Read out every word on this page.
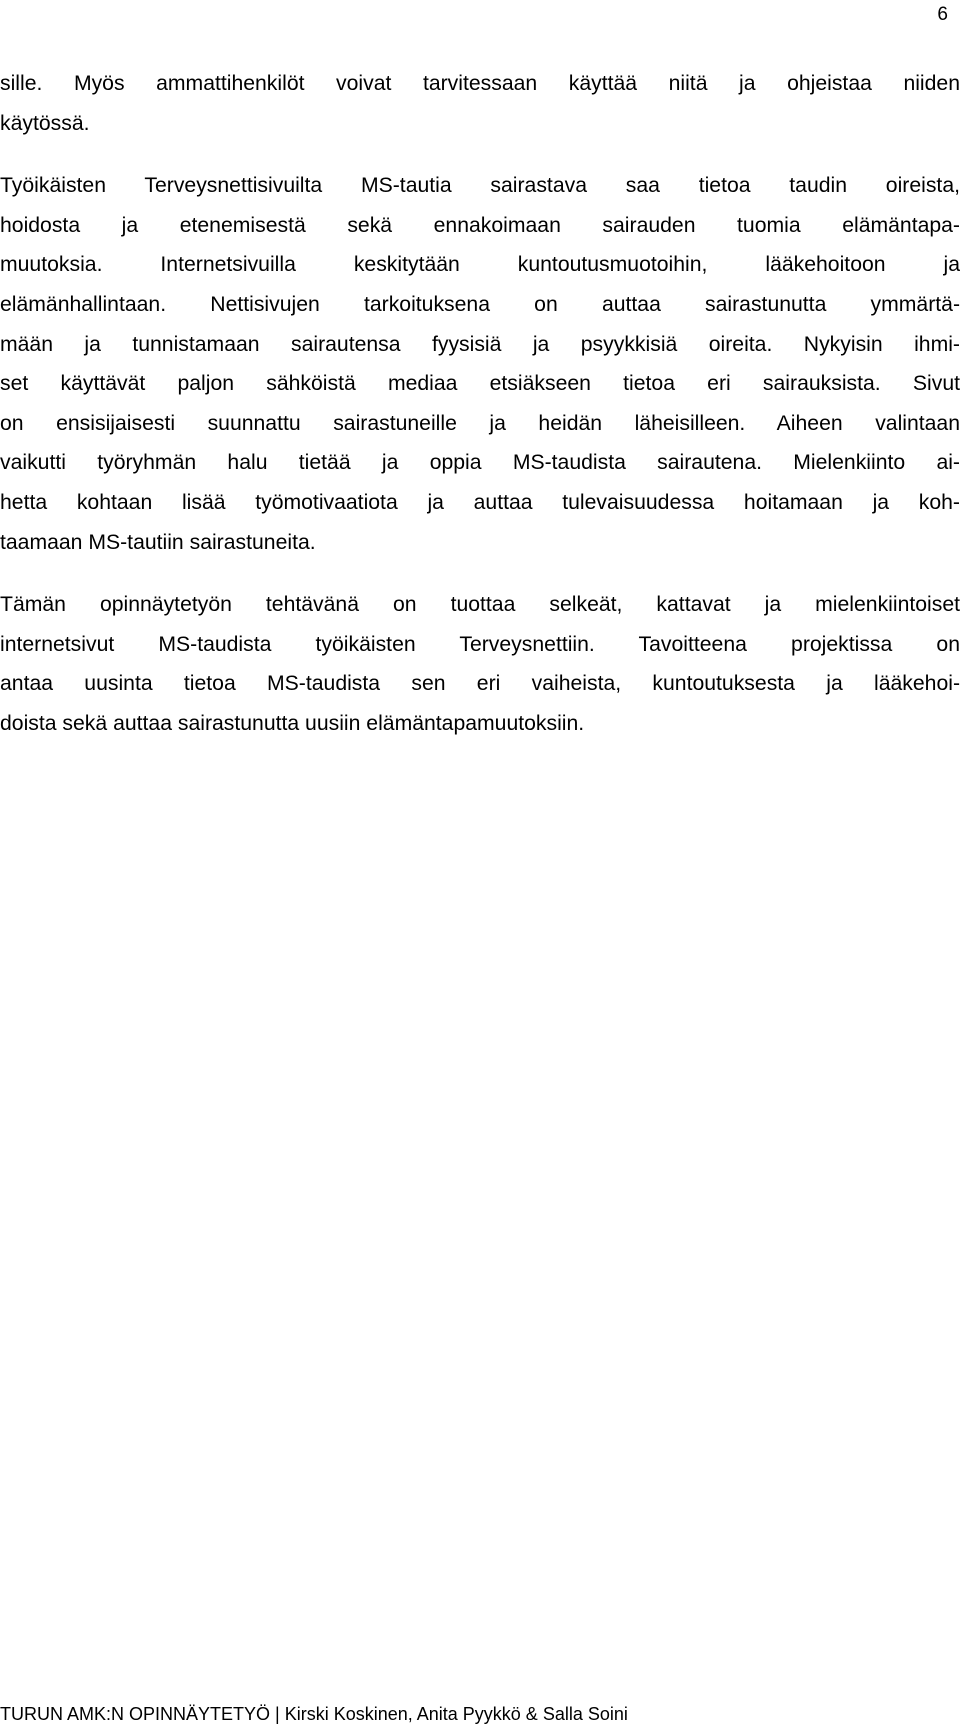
6
sille. Myös ammattihenkilöt voivat tarvitessaan käyttää niitä ja ohjeistaa niiden
käytössä.
Työikäisten Terveysnettisivuilta MS-tautia sairastava saa tietoa taudin oireista,
hoidosta ja etenemisestä sekä ennakoimaan sairauden tuomia elämäntapa-
muutoksia. Internetsivuilla keskitytään kuntoutusmuotoihin, lääkehoitoon ja
elämänhallintaan. Nettisivujen tarkoituksena on auttaa sairastunutta ymmärtä-
mään ja tunnistamaan sairautensa fyysisiä ja psyykkisiä oireita. Nykyisin ihmi-
set käyttävät paljon sähköistä mediaa etsiäkseen tietoa eri sairauksista. Sivut
on ensisijaisesti suunnattu sairastuneille ja heidän läheisilleen. Aiheen valintaan
vaikutti työryhmän halu tietää ja oppia MS-taudista sairautena. Mielenkiinto ai-
hetta kohtaan lisää työmotivaatiota ja auttaa tulevaisuudessa hoitamaan ja koh-
taamaan MS-tautiin sairastuneita.
Tämän opinnäytetyön tehtävänä on tuottaa selkeät, kattavat ja mielenkiintoiset
internetsivut MS-taudista työikäisten Terveysnettiin. Tavoitteena projektissa on
antaa uusinta tietoa MS-taudista sen eri vaiheista, kuntoutuksesta ja lääkehoi-
doista sekä auttaa sairastunutta uusiin elämäntapamuutoksiin.
TURUN AMK:N OPINNÄYTETYÖ | Kirski Koskinen, Anita Pyykkö & Salla Soini
